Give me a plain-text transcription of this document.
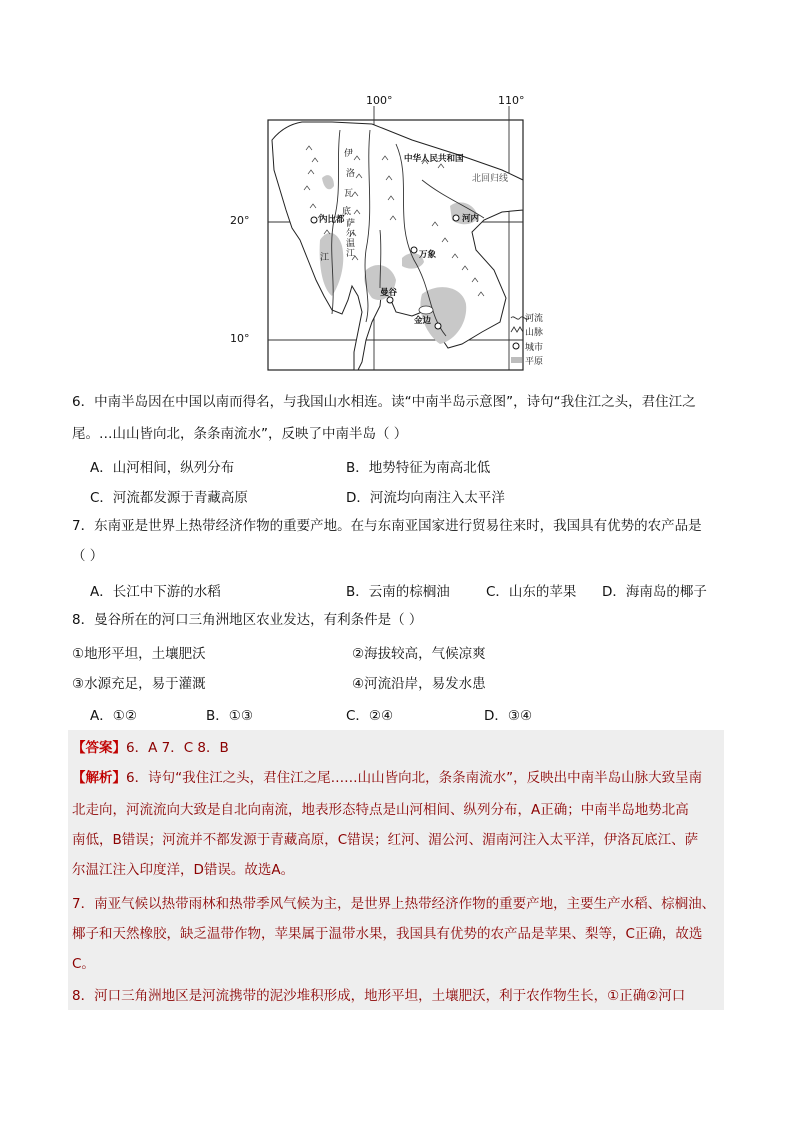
100°	110°
20°
10°
中华人民共和国
北回归线
伊
洛
瓦
底
江
萨
尔
温
江
内比都	河内
万象
曼谷
金边	河流
山脉
城市
平原
6．中南半岛因在中国以南而得名，与我国山水相连。读“中南半岛示意图”，诗句“我住江之头，君住江之
尾。…山山皆向北，条条南流水”，反映了中南半岛（ ）
A．山河相间，纵列分布	B．地势特征为南高北低
C．河流都发源于青藏高原	D．河流均向南注入太平洋
7．东南亚是世界上热带经济作物的重要产地。在与东南亚国家进行贸易往来时，我国具有优势的农产品是
（ ）
A．长江中下游的水稻	B．云南的棕榈油	C．山东的苹果 D．海南岛的椰子
8．曼谷所在的河口三角洲地区农业发达，有利条件是（ ）
①地形平坦，土壤肥沃	②海拔较高，气候凉爽
③水源充足，易于灌溉	④河流沿岸，易发水患
A．①②	B．①③	C．②④	D．③④
【答案】6．A 7．C 8．B
【解析】6．诗句“我住江之头，君住江之尾……山山皆向北，条条南流水”，反映出中南半岛山脉大致呈南
北走向，河流流向大致是自北向南流，地表形态特点是山河相间、纵列分布，A正确；中南半岛地势北高
南低，B错误；河流并不都发源于青藏高原，C错误；红河、湄公河、湄南河注入太平洋，伊洛瓦底江、萨
尔温江注入印度洋，D错误。故选A。
7．南亚气候以热带雨林和热带季风气候为主，是世界上热带经济作物的重要产地，主要生产水稻、棕榈油、
椰子和天然橡胶，缺乏温带作物，苹果属于温带水果，我国具有优势的农产品是苹果、梨等，C正确，故选
C。
8．河口三角洲地区是河流携带的泥沙堆积形成，地形平坦，土壤肥沃，利于农作物生长，①正确②河口
